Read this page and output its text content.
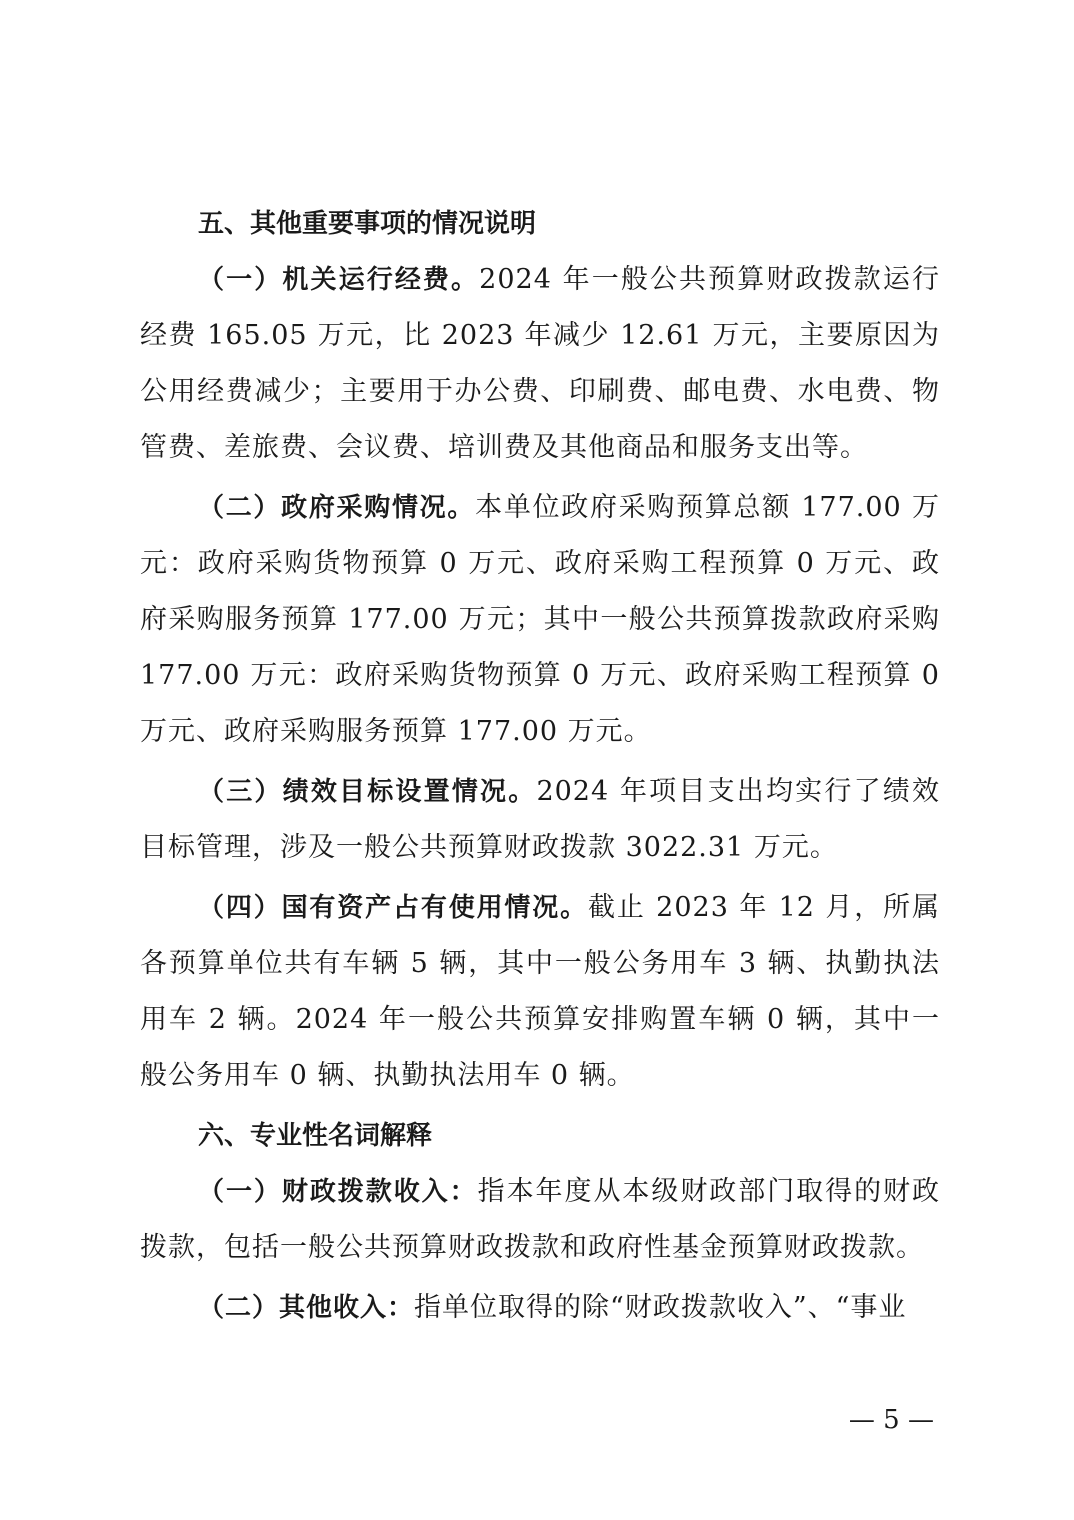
五、其他重要事项的情况说明

（一）机关运行经费。2024 年一般公共预算财政拨款运行经费 165.05 万元，比 2023 年减少 12.61 万元，主要原因为公用经费减少；主要用于办公费、印刷费、邮电费、水电费、物管费、差旅费、会议费、培训费及其他商品和服务支出等。

（二）政府采购情况。本单位政府采购预算总额 177.00 万元：政府采购货物预算 0 万元、政府采购工程预算 0 万元、政府采购服务预算 177.00 万元；其中一般公共预算拨款政府采购 177.00 万元：政府采购货物预算 0 万元、政府采购工程预算 0 万元、政府采购服务预算 177.00 万元。

（三）绩效目标设置情况。2024 年项目支出均实行了绩效目标管理，涉及一般公共预算财政拨款 3022.31 万元。

（四）国有资产占有使用情况。截止 2023 年 12 月，所属各预算单位共有车辆 5 辆，其中一般公务用车 3 辆、执勤执法用车 2 辆。2024 年一般公共预算安排购置车辆 0 辆，其中一般公务用车 0 辆、执勤执法用车 0 辆。

六、专业性名词解释

（一）财政拨款收入：指本年度从本级财政部门取得的财政拨款，包括一般公共预算财政拨款和政府性基金预算财政拨款。

（二）其他收入：指单位取得的除“财政拨款收入”、“事业

— 5 —
